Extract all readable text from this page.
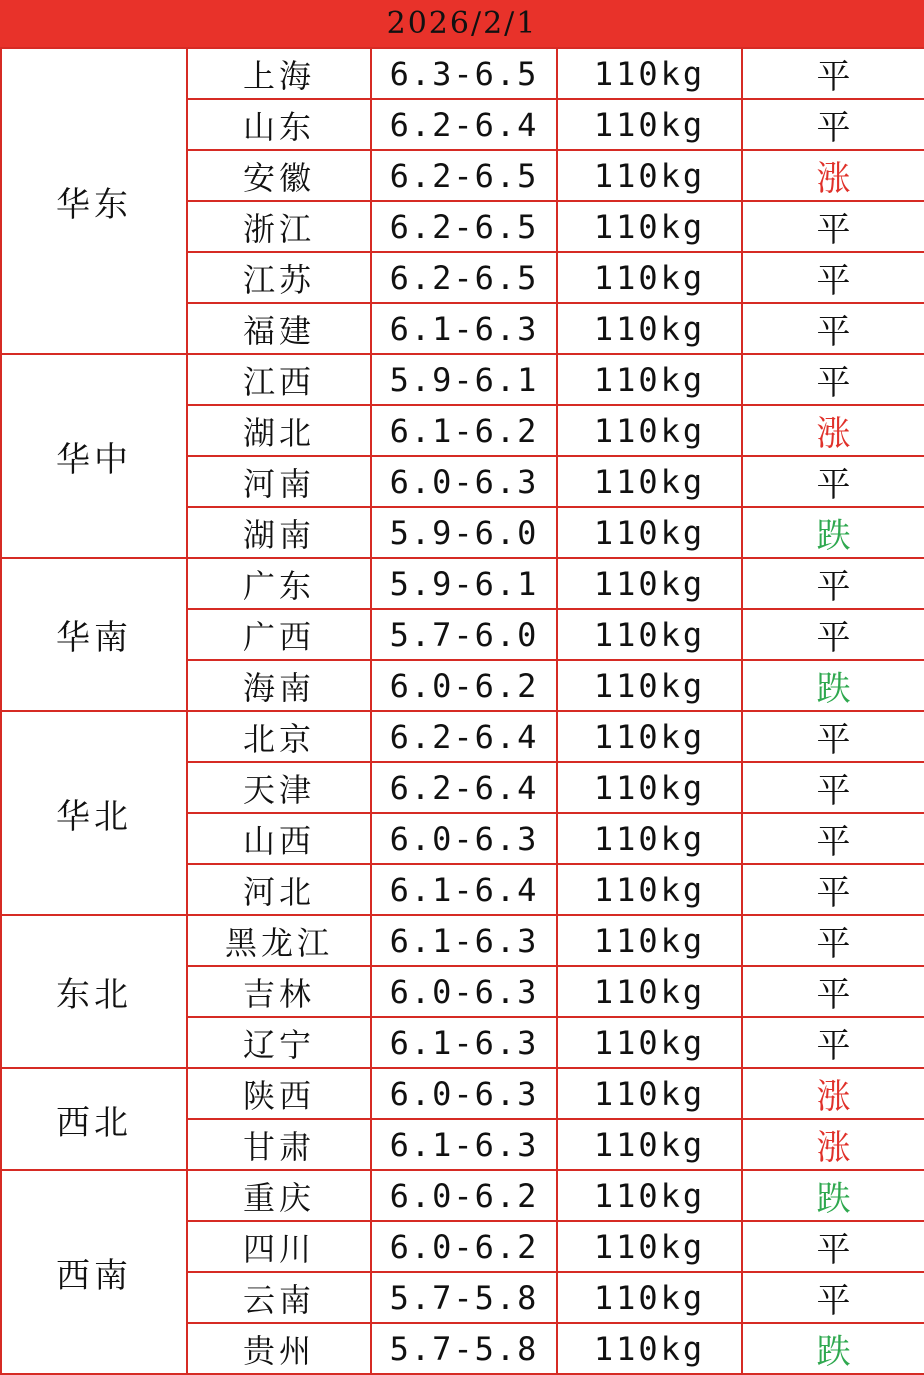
2026/2/1
华东	上海	6.3-6.5	110kg	平
	山东	6.2-6.4	110kg	平
	安徽	6.2-6.5	110kg	涨
	浙江	6.2-6.5	110kg	平
	江苏	6.2-6.5	110kg	平
	福建	6.1-6.3	110kg	平
华中	江西	5.9-6.1	110kg	平
	湖北	6.1-6.2	110kg	涨
	河南	6.0-6.3	110kg	平
	湖南	5.9-6.0	110kg	跌
华南	广东	5.9-6.1	110kg	平
	广西	5.7-6.0	110kg	平
	海南	6.0-6.2	110kg	跌
华北	北京	6.2-6.4	110kg	平
	天津	6.2-6.4	110kg	平
	山西	6.0-6.3	110kg	平
	河北	6.1-6.4	110kg	平
东北	黑龙江	6.1-6.3	110kg	平
	吉林	6.0-6.3	110kg	平
	辽宁	6.1-6.3	110kg	平
西北	陕西	6.0-6.3	110kg	涨
	甘肃	6.1-6.3	110kg	涨
西南	重庆	6.0-6.2	110kg	跌
	四川	6.0-6.2	110kg	平
	云南	5.7-5.8	110kg	平
	贵州	5.7-5.8	110kg	跌
